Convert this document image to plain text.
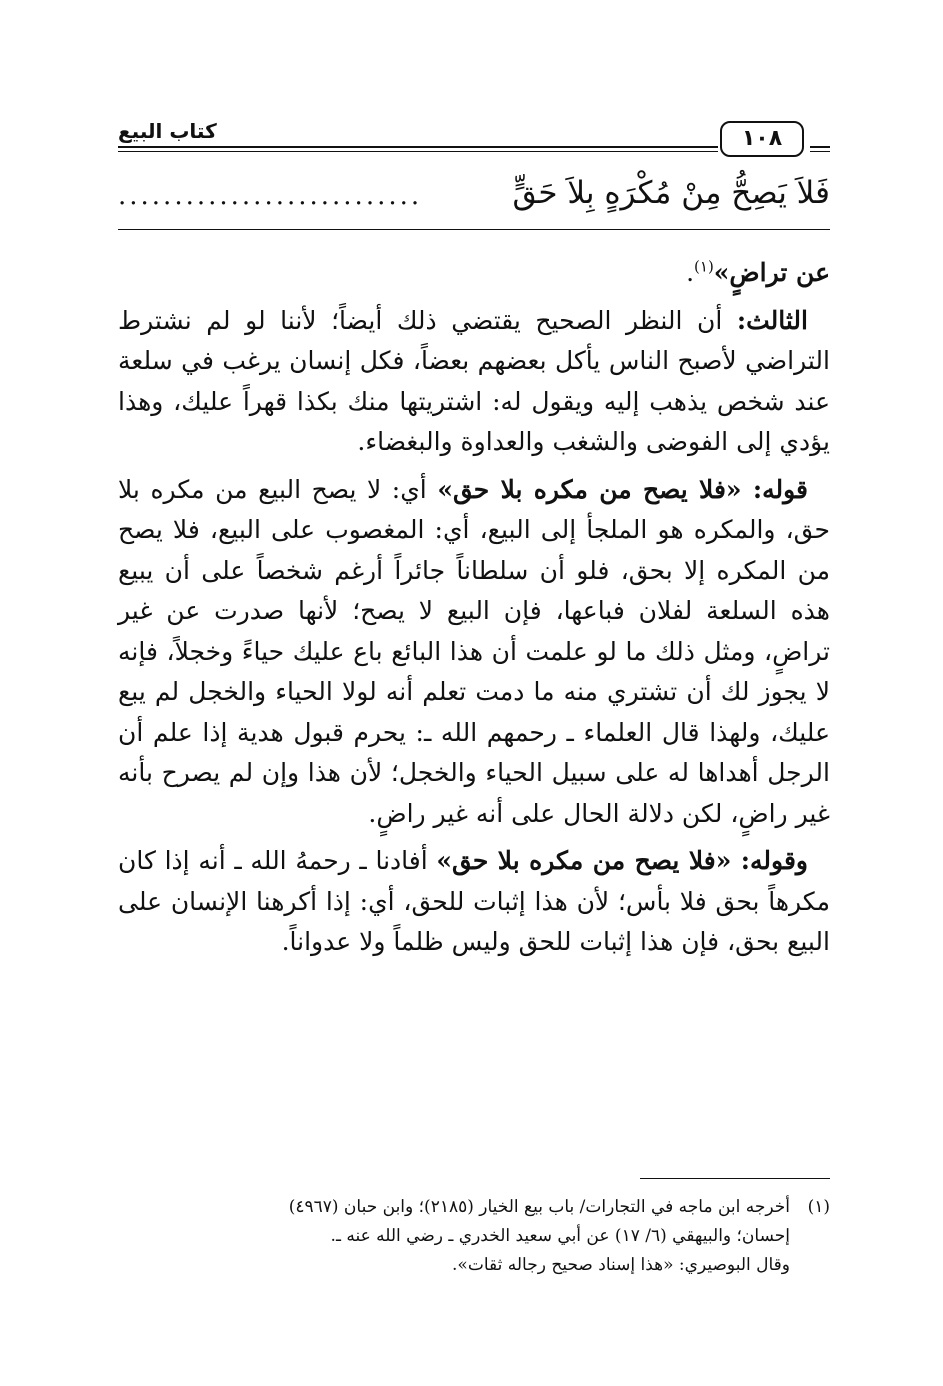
١٠٨
كتاب البيع
فَلاَ يَصِحُّ مِنْ مُكْرَهٍ بِلاَ حَقٍّ
...........................

عن تراضٍ»$^{(١)}$.

الثالث: أن النظر الصحيح يقتضي ذلك أيضاً؛ لأننا لو لم نشترط التراضي لأصبح الناس يأكل بعضهم بعضاً، فكل إنسان يرغب في سلعة عند شخص يذهب إليه ويقول له: اشتريتها منك بكذا قهراً عليك، وهذا يؤدي إلى الفوضى والشغب والعداوة والبغضاء.

قوله: «فلا يصح من مكره بلا حق» أي: لا يصح البيع من مكره بلا حق، والمكره هو الملجأ إلى البيع، أي: المغصوب على البيع، فلا يصح من المكره إلا بحق، فلو أن سلطاناً جائراً أرغم شخصاً على أن يبيع هذه السلعة لفلان فباعها، فإن البيع لا يصح؛ لأنها صدرت عن غير تراضٍ، ومثل ذلك ما لو علمت أن هذا البائع باع عليك حياءً وخجلاً، فإنه لا يجوز لك أن تشتري منه ما دمت تعلم أنه لولا الحياء والخجل لم يبع عليك، ولهذا قال العلماء ـ رحمهم الله ـ: يحرم قبول هدية إذا علم أن الرجل أهداها له على سبيل الحياء والخجل؛ لأن هذا وإن لم يصرح بأنه غير راضٍ، لكن دلالة الحال على أنه غير راضٍ.

وقوله: «فلا يصح من مكره بلا حق» أفادنا ـ رحمهُ الله ـ أنه إذا كان مكرهاً بحق فلا بأس؛ لأن هذا إثبات للحق، أي: إذا أكرهنا الإنسان على البيع بحق، فإن هذا إثبات للحق وليس ظلماً ولا عدواناً.

(١)
أخرجه ابن ماجه في التجارات/ باب بيع الخيار (٢١٨٥)؛ وابن حبان (٤٩٦٧)
إحسان؛ والبيهقي (٦/ ١٧) عن أبي سعيد الخدري ـ رضي الله عنه ـ.
وقال البوصيري: «هذا إسناد صحيح رجاله ثقات».
